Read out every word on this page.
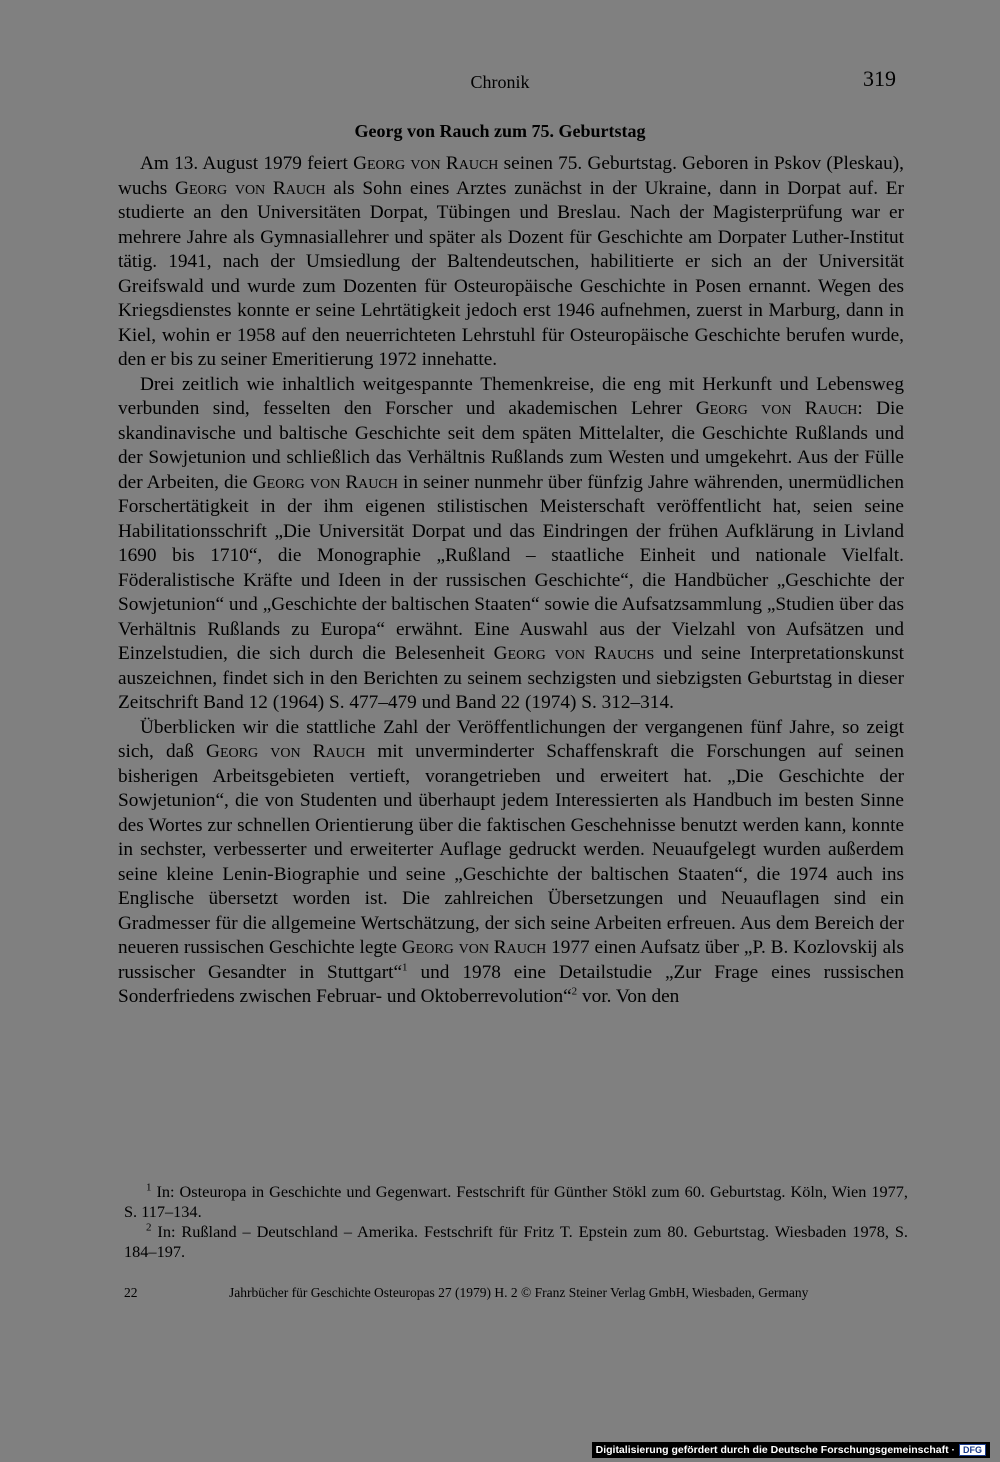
Chronik	319
Georg von Rauch zum 75. Geburtstag

Am 13. August 1979 feiert Georg von Rauch seinen 75. Geburtstag. Geboren in Pskov (Pleskau), wuchs Georg von Rauch als Sohn eines Arztes zunächst in der Ukraine, dann in Dorpat auf. Er studierte an den Universitäten Dorpat, Tübingen und Breslau. Nach der Magisterprüfung war er mehrere Jahre als Gymnasiallehrer und später als Dozent für Geschichte am Dorpater Luther-Institut tätig. 1941, nach der Umsiedlung der Baltendeutschen, habilitierte er sich an der Universität Greifswald und wurde zum Dozenten für Osteuropäische Geschichte in Posen ernannt. Wegen des Kriegsdienstes konnte er seine Lehrtätigkeit jedoch erst 1946 aufnehmen, zuerst in Marburg, dann in Kiel, wohin er 1958 auf den neuerrichteten Lehrstuhl für Osteuropäische Geschichte berufen wurde, den er bis zu seiner Emeritierung 1972 innehatte.

Drei zeitlich wie inhaltlich weitgespannte Themenkreise, die eng mit Herkunft und Lebensweg verbunden sind, fesselten den Forscher und akademischen Lehrer Georg von Rauch: Die skandinavische und baltische Geschichte seit dem späten Mittelalter, die Geschichte Rußlands und der Sowjetunion und schließlich das Verhältnis Rußlands zum Westen und umgekehrt. Aus der Fülle der Arbeiten, die Georg von Rauch in seiner nunmehr über fünfzig Jahre währenden, unermüdlichen Forschertätigkeit in der ihm eigenen stilistischen Meisterschaft veröffentlicht hat, seien seine Habilitationsschrift „Die Universität Dorpat und das Eindringen der frühen Aufklärung in Livland 1690 bis 1710“, die Monographie „Rußland – staatliche Einheit und nationale Vielfalt. Föderalistische Kräfte und Ideen in der russischen Geschichte“, die Handbücher „Geschichte der Sowjetunion“ und „Geschichte der baltischen Staaten“ sowie die Aufsatzsammlung „Studien über das Verhältnis Rußlands zu Europa“ erwähnt. Eine Auswahl aus der Vielzahl von Aufsätzen und Einzelstudien, die sich durch die Belesenheit Georg von Rauchs und seine Interpretationskunst auszeichnen, findet sich in den Berichten zu seinem sechzigsten und siebzigsten Geburtstag in dieser Zeitschrift Band 12 (1964) S. 477–479 und Band 22 (1974) S. 312–314.

Überblicken wir die stattliche Zahl der Veröffentlichungen der vergangenen fünf Jahre, so zeigt sich, daß Georg von Rauch mit unverminderter Schaffenskraft die Forschungen auf seinen bisherigen Arbeitsgebieten vertieft, vorangetrieben und erweitert hat. „Die Geschichte der Sowjetunion“, die von Studenten und überhaupt jedem Interessierten als Handbuch im besten Sinne des Wortes zur schnellen Orientierung über die faktischen Geschehnisse benutzt werden kann, konnte in sechster, verbesserter und erweiterter Auflage gedruckt werden. Neuaufgelegt wurden außerdem seine kleine Lenin-Biographie und seine „Geschichte der baltischen Staaten“, die 1974 auch ins Englische übersetzt worden ist. Die zahlreichen Übersetzungen und Neuauflagen sind ein Gradmesser für die allgemeine Wertschätzung, der sich seine Arbeiten erfreuen. Aus dem Bereich der neueren russischen Geschichte legte Georg von Rauch 1977 einen Aufsatz über „P. B. Kozlovskij als russischer Gesandter in Stuttgart“$^1$ und 1978 eine Detailstudie „Zur Frage eines russischen Sonderfriedens zwischen Februar- und Oktoberrevolution“$^2$ vor. Von den

$^1$ In: Osteuropa in Geschichte und Gegenwart. Festschrift für Günther Stökl zum 60. Geburtstag. Köln, Wien 1977, S. 117–134.

$^2$ In: Rußland – Deutschland – Amerika. Festschrift für Fritz T. Epstein zum 80. Geburtstag. Wiesbaden 1978, S. 184–197.

22	Jahrbücher für Geschichte Osteuropas 27 (1979) H. 2 © Franz Steiner Verlag GmbH, Wiesbaden, Germany
Digitalisierung gefördert durch die Deutsche Forschungsgemeinschaft · DFG
